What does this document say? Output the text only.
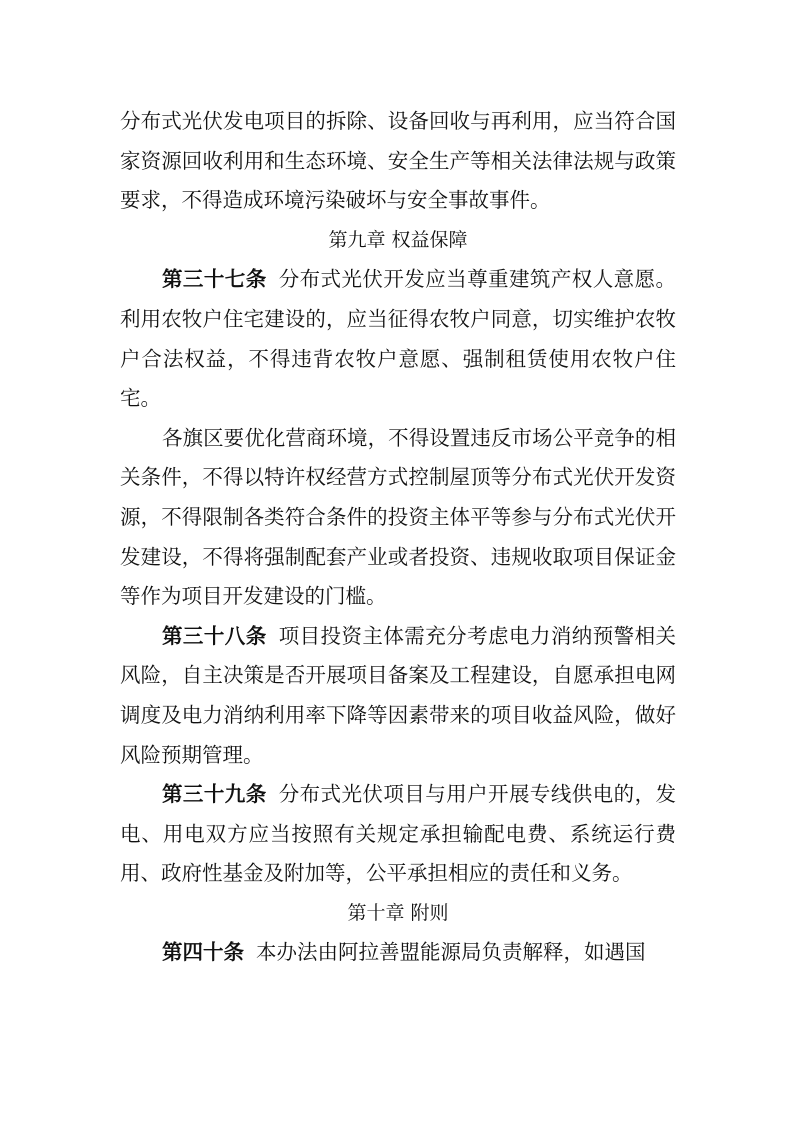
分布式光伏发电项目的拆除、设备回收与再利用，应当符合国家资源回收利用和生态环境、安全生产等相关法律法规与政策要求，不得造成环境污染破坏与安全事故事件。

第九章 权益保障

第三十七条 分布式光伏开发应当尊重建筑产权人意愿。利用农牧户住宅建设的，应当征得农牧户同意，切实维护农牧户合法权益，不得违背农牧户意愿、强制租赁使用农牧户住宅。

各旗区要优化营商环境，不得设置违反市场公平竞争的相关条件，不得以特许权经营方式控制屋顶等分布式光伏开发资源，不得限制各类符合条件的投资主体平等参与分布式光伏开发建设，不得将强制配套产业或者投资、违规收取项目保证金等作为项目开发建设的门槛。

第三十八条 项目投资主体需充分考虑电力消纳预警相关风险，自主决策是否开展项目备案及工程建设，自愿承担电网调度及电力消纳利用率下降等因素带来的项目收益风险，做好风险预期管理。

第三十九条 分布式光伏项目与用户开展专线供电的，发电、用电双方应当按照有关规定承担输配电费、系统运行费用、政府性基金及附加等，公平承担相应的责任和义务。

第十章 附则

第四十条 本办法由阿拉善盟能源局负责解释，如遇国
